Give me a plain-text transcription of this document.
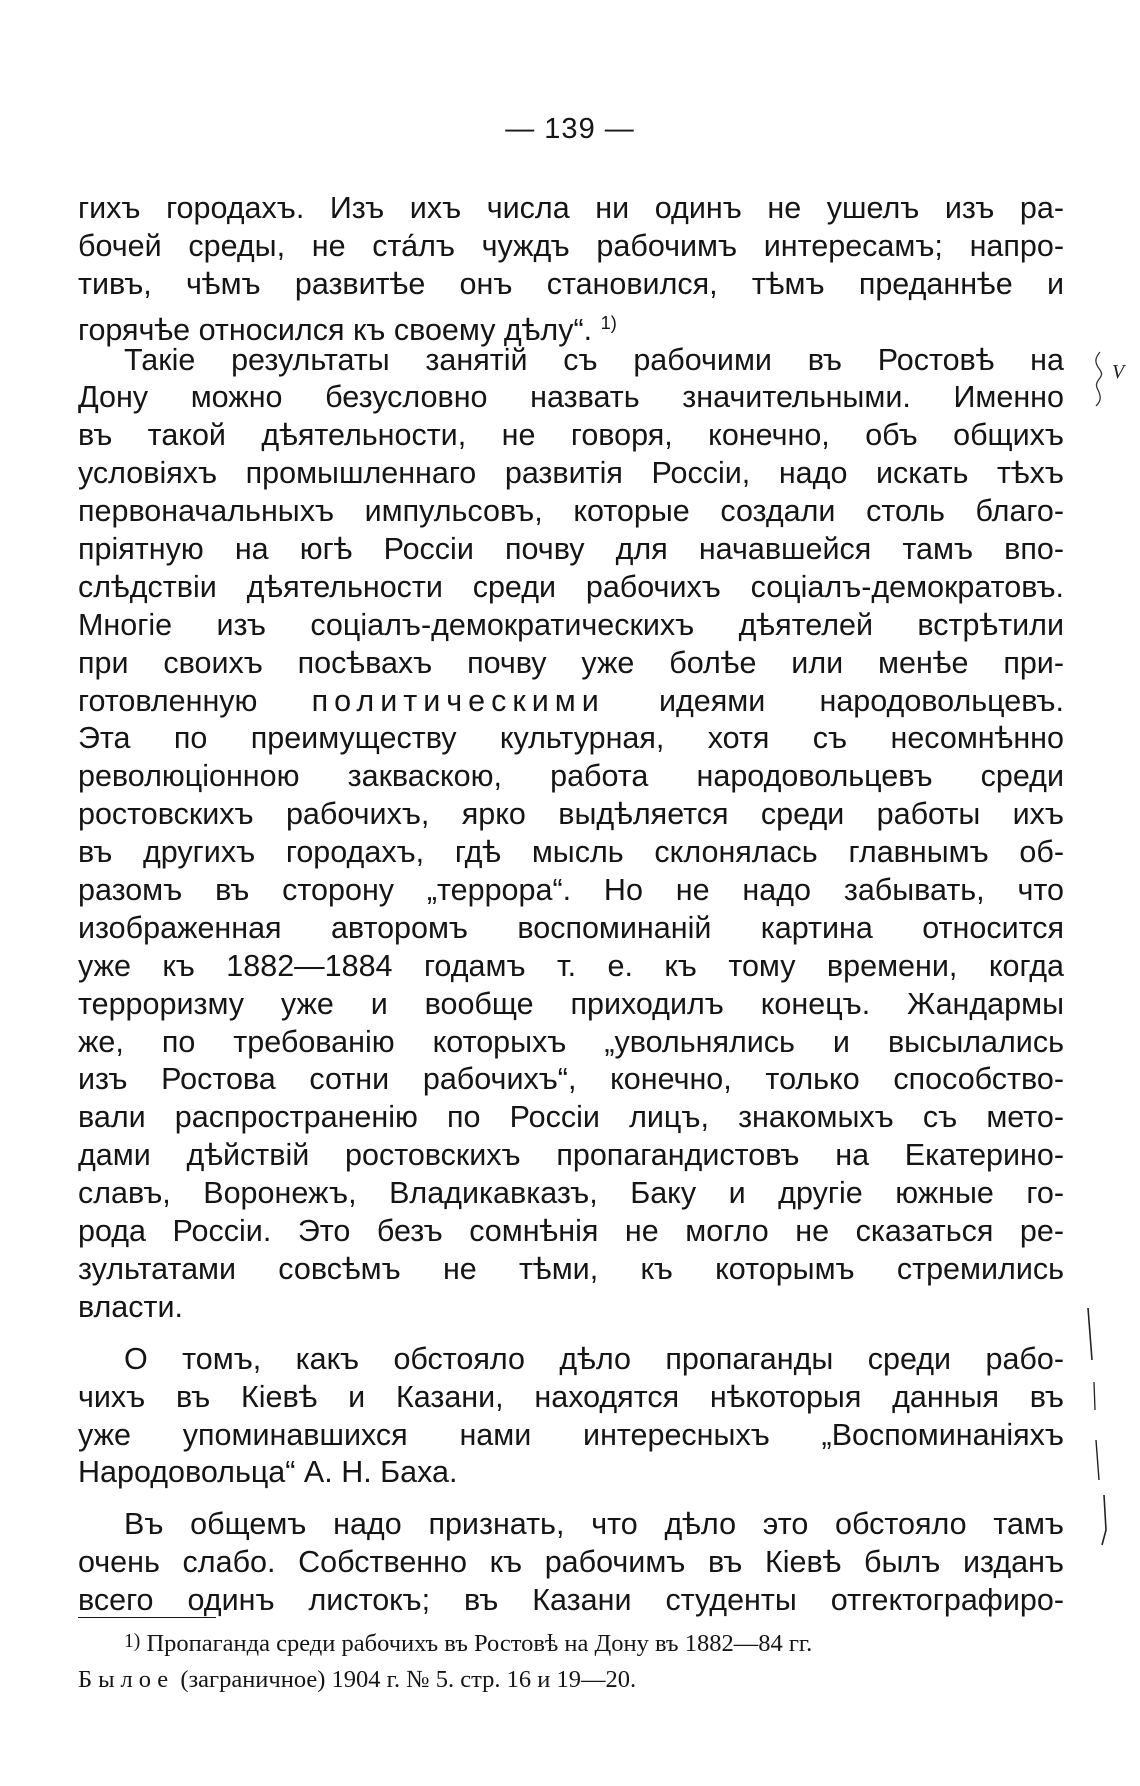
— 139 —
гихъ городахъ. Изъ ихъ числа ни одинъ не ушелъ изъ ра-
бочей среды, не ста́лъ чуждъ рабочимъ интересамъ; напро-
тивъ, чѣмъ развитѣе онъ становился, тѣмъ преданнѣе и
горячѣе относился къ своему дѣлу“. $^{1)}$
Такіе результаты занятій съ рабочими въ Ростовѣ на
Дону можно безусловно назвать значительными. Именно
въ такой дѣятельности, не говоря, конечно, объ общихъ
условіяхъ промышленнаго развитія Россіи, надо искать тѣхъ
первоначальныхъ импульсовъ, которые создали столь благо-
пріятную на югѣ Россіи почву для начавшейся тамъ впо-
слѣдствіи дѣятельности среди рабочихъ соціалъ-демократовъ.
Многіе изъ соціалъ-демократическихъ дѣятелей встрѣтили
при своихъ посѣвахъ почву уже болѣе или менѣе при-
готовленную политическими идеями народовольцевъ.
Эта по преимуществу культурная, хотя съ несомнѣнно
революціонною закваскою, работа народовольцевъ среди
ростовскихъ рабочихъ, ярко выдѣляется среди работы ихъ
въ другихъ городахъ, гдѣ мысль склонялась главнымъ об-
разомъ въ сторону „террора“. Но не надо забывать, что
изображенная авторомъ воспоминаній картина относится
уже къ 1882—1884 годамъ т. е. къ тому времени, когда
терроризму уже и вообще приходилъ конецъ. Жандармы
же, по требованію которыхъ „увольнялись и высылались
изъ Ростова сотни рабочихъ“, конечно, только способство-
вали распространенію по Россіи лицъ, знакомыхъ съ мето-
дами дѣйствій ростовскихъ пропагандистовъ на Екатерино-
славъ, Воронежъ, Владикавказъ, Баку и другіе южные го-
рода Россіи. Это безъ сомнѣнія не могло не сказаться ре-
зультатами совсѣмъ не тѣми, къ которымъ стремились
власти.
О томъ, какъ обстояло дѣло пропаганды среди рабо-
чихъ въ Кіевѣ и Казани, находятся нѣкоторыя данныя въ
уже упоминавшихся нами интересныхъ „Воспоминаніяхъ
Народовольца“ А. Н. Баха.
Въ общемъ надо признать, что дѣло это обстояло тамъ
очень слабо. Собственно къ рабочимъ въ Кіевѣ былъ изданъ
всего одинъ листокъ; въ Казани студенты отгектографиро-
1) Пропаганда среди рабочихъ въ Ростовѣ на Дону въ 1882—84 гг.
Былое (заграничное) 1904 г. № 5. стр. 16 и 19—20.
V
